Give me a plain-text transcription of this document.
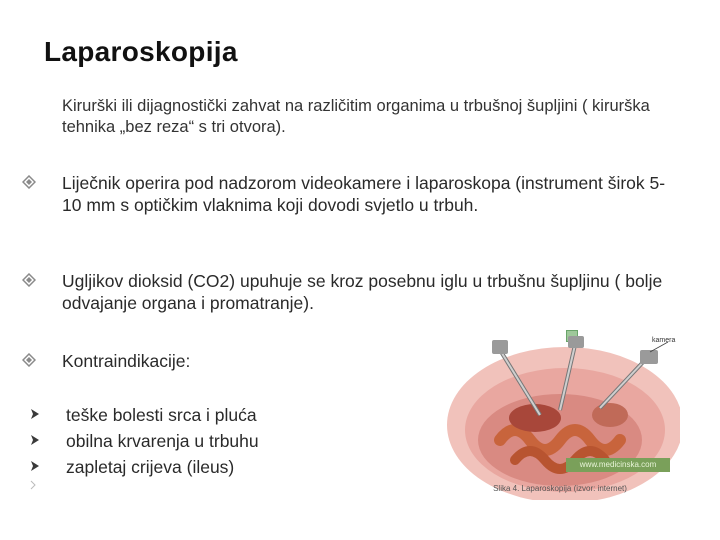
Laparoskopija
Kirurški ili dijagnostički zahvat na različitim organima u trbušnoj šupljini ( kirurška tehnika „bez reza“ s tri otvora).
Liječnik operira pod nadzorom videokamere i laparoskopa (instrument širok 5-10 mm s optičkim vlaknima koji dovodi svjetlo u trbuh.
Ugljikov dioksid (CO2) upuhuje se kroz posebnu iglu u trbušnu šupljinu ( bolje odvajanje organa i promatranje).
Kontraindikacije:
teške bolesti srca i pluća
obilna krvarenja u trbuhu
zapletaj crijeva (ileus)
kamera
www.medicinska.com
Slika 4. Laparoskopija (izvor: internet)
